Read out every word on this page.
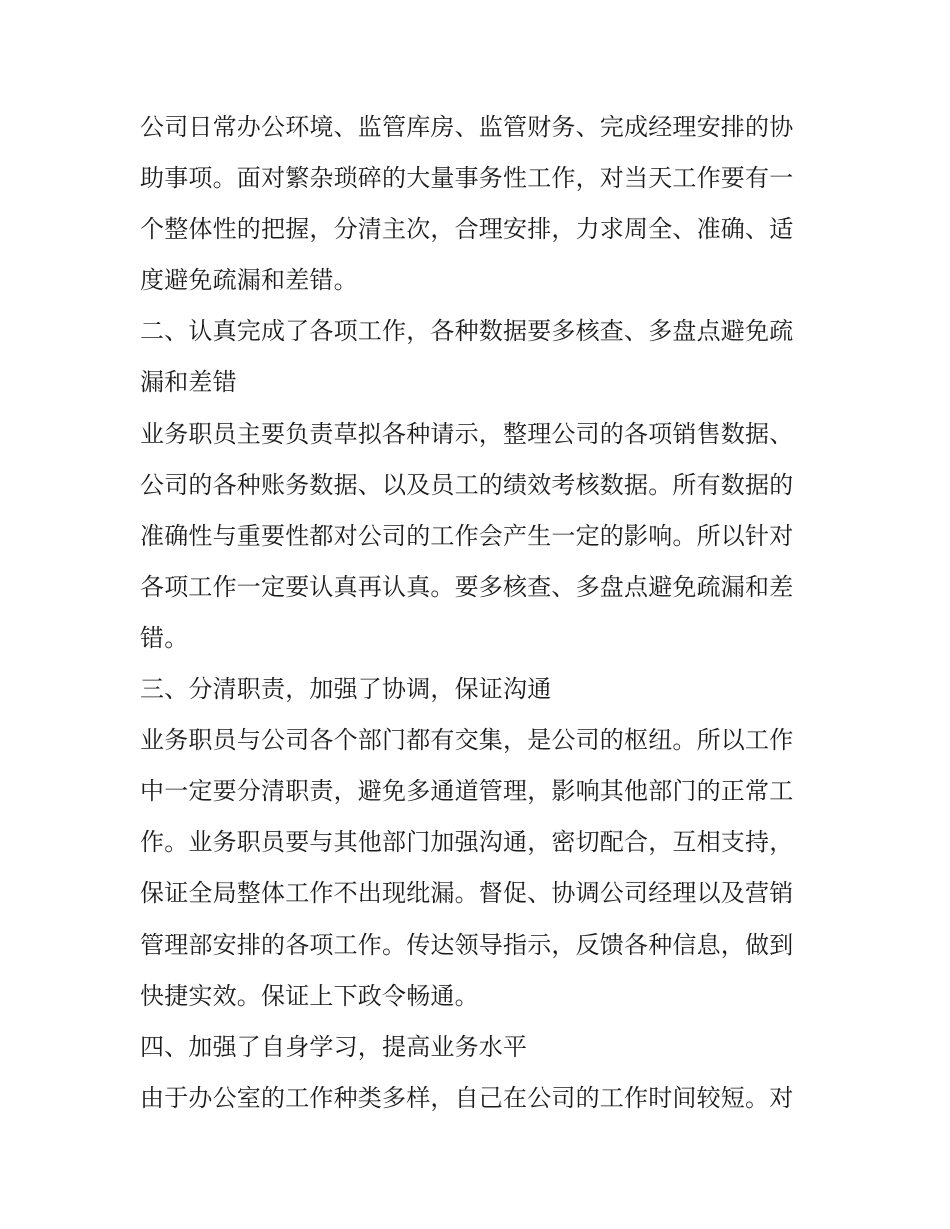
公司日常办公环境、监管库房、监管财务、完成经理安排的协
助事项。面对繁杂琐碎的大量事务性工作，对当天工作要有一
个整体性的把握，分清主次，合理安排，力求周全、准确、适
度避免疏漏和差错。

二、认真完成了各项工作，各种数据要多核查、多盘点避免疏
漏和差错

业务职员主要负责草拟各种请示，整理公司的各项销售数据、
公司的各种账务数据、以及员工的绩效考核数据。所有数据的
准确性与重要性都对公司的工作会产生一定的影响。所以针对
各项工作一定要认真再认真。要多核查、多盘点避免疏漏和差
错。

三、分清职责，加强了协调，保证沟通

业务职员与公司各个部门都有交集，是公司的枢纽。所以工作
中一定要分清职责，避免多通道管理，影响其他部门的正常工
作。业务职员要与其他部门加强沟通，密切配合，互相支持，
保证全局整体工作不出现纰漏。督促、协调公司经理以及营销
管理部安排的各项工作。传达领导指示，反馈各种信息，做到
快捷实效。保证上下政令畅通。

四、加强了自身学习，提高业务水平

由于办公室的工作种类多样，自己在公司的工作时间较短。对
